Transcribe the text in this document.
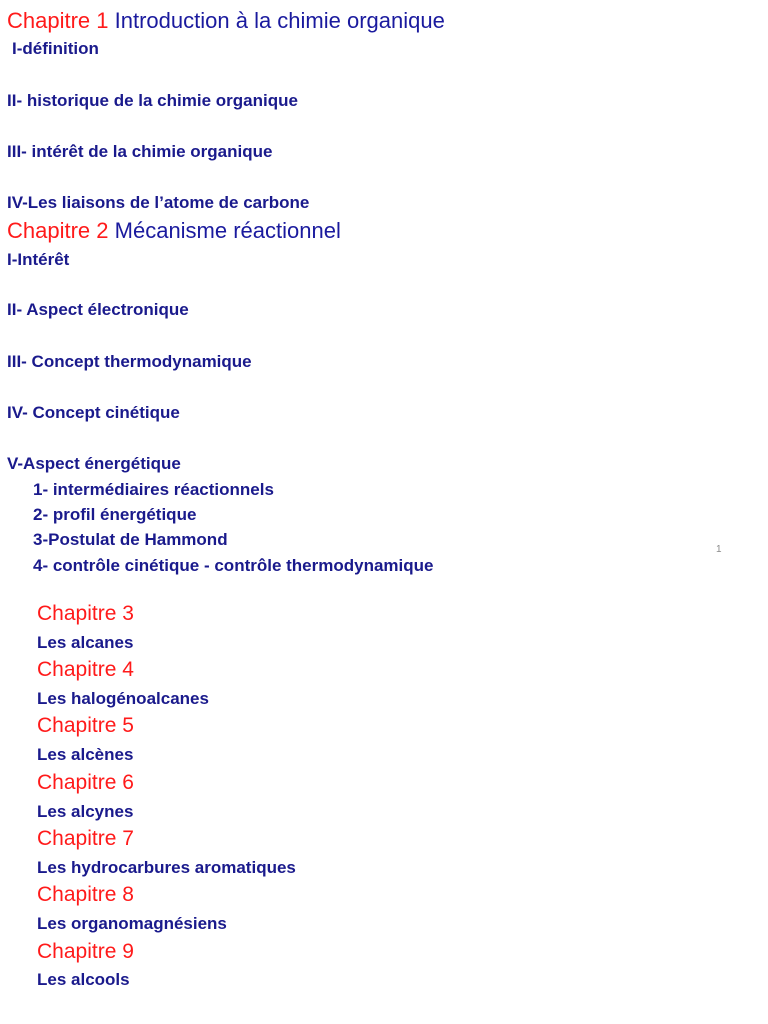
Chapitre 1 Introduction à la chimie organique
I-définition
II- historique de la chimie organique
III- intérêt de la chimie organique
IV-Les liaisons de l’atome de carbone
Chapitre 2 Mécanisme réactionnel
I-Intérêt
II- Aspect électronique
III- Concept thermodynamique
IV- Concept cinétique
V-Aspect énergétique
1- intermédiaires réactionnels
2- profil énergétique
3-Postulat de Hammond
4- contrôle cinétique - contrôle thermodynamique
1
Chapitre 3
Les alcanes
Chapitre 4
Les halogénoalcanes
Chapitre 5
Les alcènes
Chapitre 6
Les alcynes
Chapitre 7
Les hydrocarbures aromatiques
Chapitre 8
Les organomagnésiens
Chapitre 9
Les alcools
